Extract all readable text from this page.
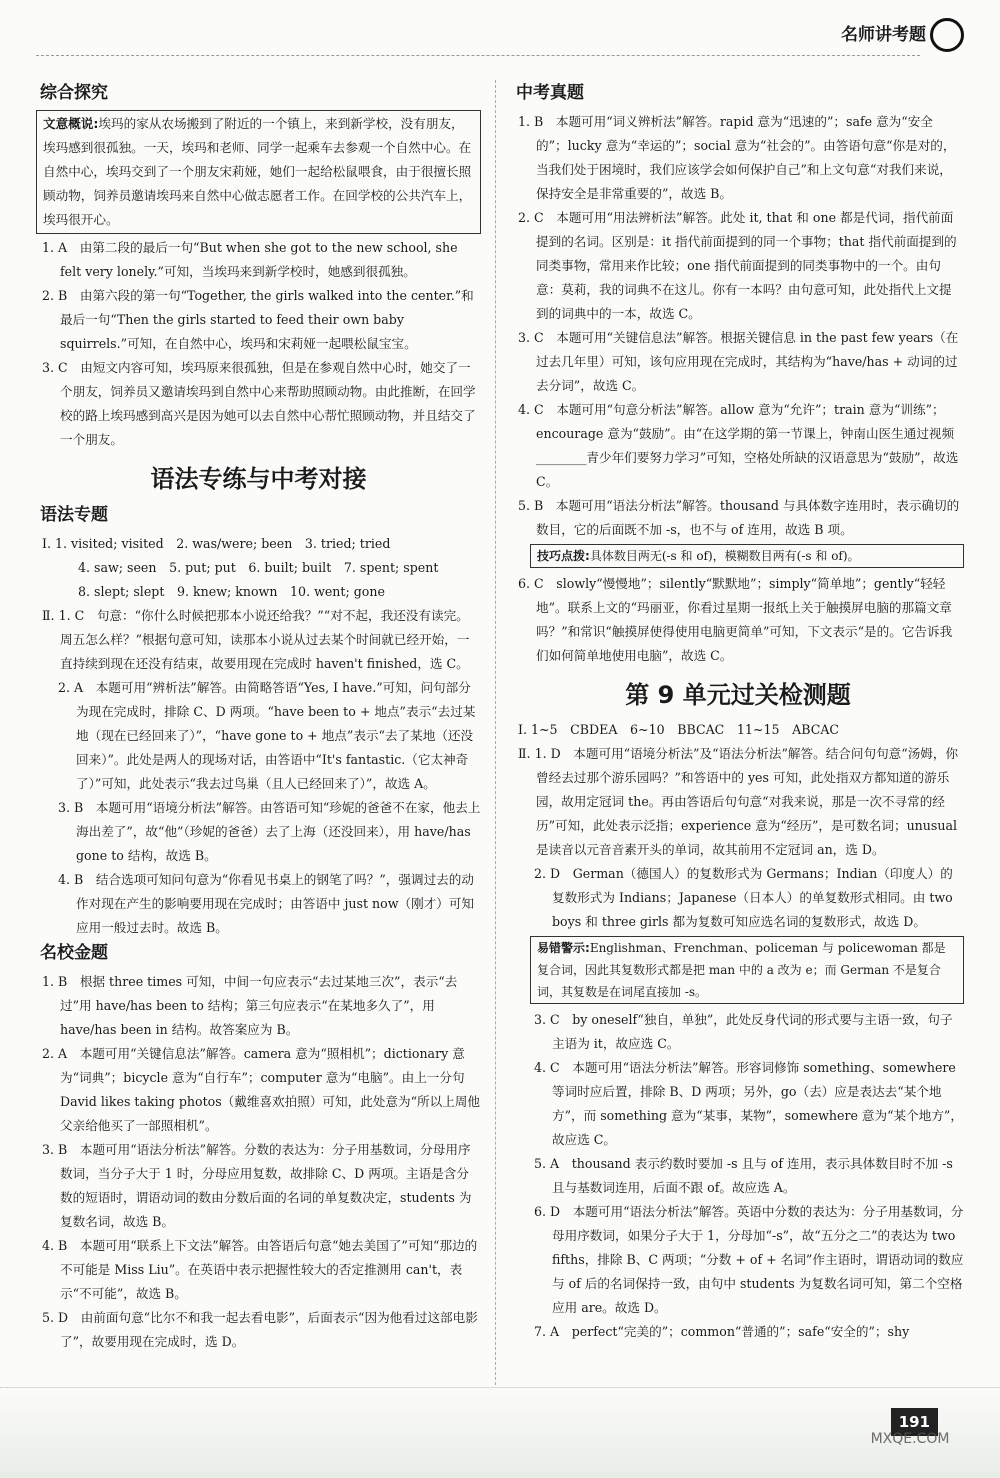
名师讲考题
综合探究
文意概说:埃玛的家从农场搬到了附近的一个镇上，来到新学校，没有朋友，埃玛感到很孤独。一天，埃玛和老师、同学一起乘车去参观一个自然中心。在自然中心，埃玛交到了一个朋友宋莉娅，她们一起给松鼠喂食，由于很擅长照顾动物，饲养员邀请埃玛来自然中心做志愿者工作。在回学校的公共汽车上，埃玛很开心。

1. A　由第二段的最后一句“But when she got to the new school, she felt very lonely.”可知，当埃玛来到新学校时，她感到很孤独。

2. B　由第六段的第一句“Together, the girls walked into the center.”和最后一句“Then the girls started to feed their own baby squirrels.”可知，在自然中心，埃玛和宋莉娅一起喂松鼠宝宝。

3. C　由短文内容可知，埃玛原来很孤独，但是在参观自然中心时，她交了一个朋友，饲养员又邀请埃玛到自然中心来帮助照顾动物。由此推断，在回学校的路上埃玛感到高兴是因为她可以去自然中心帮忙照顾动物，并且结交了一个朋友。

语法专练与中考对接
语法专题

Ⅰ. 1. visited; visited　2. was/were; been　3. tried; tried

4. saw; seen　5. put; put　6. built; built　7. spent; spent

8. slept; slept　9. knew; known　10. went; gone

Ⅱ. 1. C　句意：“你什么时候把那本小说还给我？”“对不起，我还没有读完。周五怎么样？”根据句意可知，读那本小说从过去某个时间就已经开始，一直持续到现在还没有结束，故要用现在完成时 haven't finished，选 C。

2. A　本题可用“辨析法”解答。由简略答语“Yes, I have.”可知，问句部分为现在完成时，排除 C、D 两项。“have been to + 地点”表示“去过某地（现在已经回来了）”，“have gone to + 地点”表示“去了某地（还没回来）”。此处是两人的现场对话，由答语中“It's fantastic.（它太神奇了）”可知，此处表示“我去过鸟巢（且人已经回来了）”，故选 A。

3. B　本题可用“语境分析法”解答。由答语可知“珍妮的爸爸不在家，他去上海出差了”，故“他”（珍妮的爸爸）去了上海（还没回来），用 have/has gone to 结构，故选 B。

4. B　结合选项可知问句意为“你看见书桌上的钢笔了吗？”，强调过去的动作对现在产生的影响要用现在完成时；由答语中 just now（刚才）可知应用一般过去时。故选 B。

名校金题

1. B　根据 three times 可知，中间一句应表示“去过某地三次”，表示“去过”用 have/has been to 结构；第三句应表示“在某地多久了”，用 have/has been in 结构。故答案应为 B。

2. A　本题可用“关键信息法”解答。camera 意为“照相机”；dictionary 意为“词典”；bicycle 意为“自行车”；computer 意为“电脑”。由上一分句 David likes taking photos（戴维喜欢拍照）可知，此处意为“所以上周他父亲给他买了一部照相机”。

3. B　本题可用“语法分析法”解答。分数的表达为：分子用基数词，分母用序数词，当分子大于 1 时，分母应用复数，故排除 C、D 两项。主语是含分数的短语时，谓语动词的数由分数后面的名词的单复数决定，students 为复数名词，故选 B。

4. B　本题可用“联系上下文法”解答。由答语后句意“她去美国了”可知“那边的不可能是 Miss Liu”。在英语中表示把握性较大的否定推测用 can't，表示“不可能”，故选 B。

5. D　由前面句意“比尔不和我一起去看电影”，后面表示“因为他看过这部电影了”，故要用现在完成时，选 D。

中考真题

1. B　本题可用“词义辨析法”解答。rapid 意为“迅速的”；safe 意为“安全的”；lucky 意为“幸运的”；social 意为“社会的”。由答语句意“你是对的，当我们处于困境时，我们应该学会如何保护自己”和上文句意“对我们来说，保持安全是非常重要的”，故选 B。

2. C　本题可用“用法辨析法”解答。此处 it, that 和 one 都是代词，指代前面提到的名词。区别是：it 指代前面提到的同一个事物；that 指代前面提到的同类事物，常用来作比较；one 指代前面提到的同类事物中的一个。由句意：莫莉，我的词典不在这儿。你有一本吗？由句意可知，此处指代上文提到的词典中的一本，故选 C。

3. C　本题可用“关键信息法”解答。根据关键信息 in the past few years（在过去几年里）可知，该句应用现在完成时，其结构为“have/has + 动词的过去分词”，故选 C。

4. C　本题可用“句意分析法”解答。allow 意为“允许”；train 意为“训练”；encourage 意为“鼓励”。由“在这学期的第一节课上，钟南山医生通过视频________青少年们要努力学习”可知，空格处所缺的汉语意思为“鼓励”，故选 C。

5. B　本题可用“语法分析法”解答。thousand 与具体数字连用时，表示确切的数目，它的后面既不加 -s，也不与 of 连用，故选 B 项。

技巧点拨:具体数目两无(-s 和 of)，模糊数目两有(-s 和 of)。

6. C　slowly“慢慢地”；silently“默默地”；simply“简单地”；gently“轻轻地”。联系上文的“玛丽亚，你看过星期一报纸上关于触摸屏电脑的那篇文章吗？”和常识“触摸屏使得使用电脑更简单”可知，下文表示“是的。它告诉我们如何简单地使用电脑”，故选 C。

第 9 单元过关检测题

Ⅰ. 1~5　CBDEA　6~10　BBCAC　11~15　ABCAC

Ⅱ. 1. D　本题可用“语境分析法”及“语法分析法”解答。结合问句句意“汤姆，你曾经去过那个游乐园吗？”和答语中的 yes 可知，此处指双方都知道的游乐园，故用定冠词 the。再由答语后句句意“对我来说，那是一次不寻常的经历”可知，此处表示泛指；experience 意为“经历”，是可数名词；unusual 是读音以元音音素开头的单词，故其前用不定冠词 an，选 D。

2. D　German（德国人）的复数形式为 Germans；Indian（印度人）的复数形式为 Indians；Japanese（日本人）的单复数形式相同。由 two boys 和 three girls 都为复数可知应选名词的复数形式，故选 D。

易错警示:Englishman、Frenchman、policeman 与 policewoman 都是复合词，因此其复数形式都是把 man 中的 a 改为 e；而 German 不是复合词，其复数是在词尾直接加 -s。

3. C　by oneself“独自，单独”，此处反身代词的形式要与主语一致，句子主语为 it，故应选 C。

4. C　本题可用“语法分析法”解答。形容词修饰 something、somewhere 等词时应后置，排除 B、D 两项；另外，go（去）应是表达去“某个地方”，而 something 意为“某事，某物”，somewhere 意为“某个地方”，故应选 C。

5. A　thousand 表示约数时要加 -s 且与 of 连用，表示具体数目时不加 -s 且与基数词连用，后面不跟 of。故应选 A。

6. D　本题可用“语法分析法”解答。英语中分数的表达为：分子用基数词，分母用序数词，如果分子大于 1，分母加“-s”，故“五分之二”的表达为 two fifths，排除 B、C 两项；“分数 + of + 名词”作主语时，谓语动词的数应与 of 后的名词保持一致，由句中 students 为复数名词可知，第二个空格应用 are。故选 D。

7. A　perfect“完美的”；common“普通的”；safe“安全的”；shy

191
MXQE.COM
